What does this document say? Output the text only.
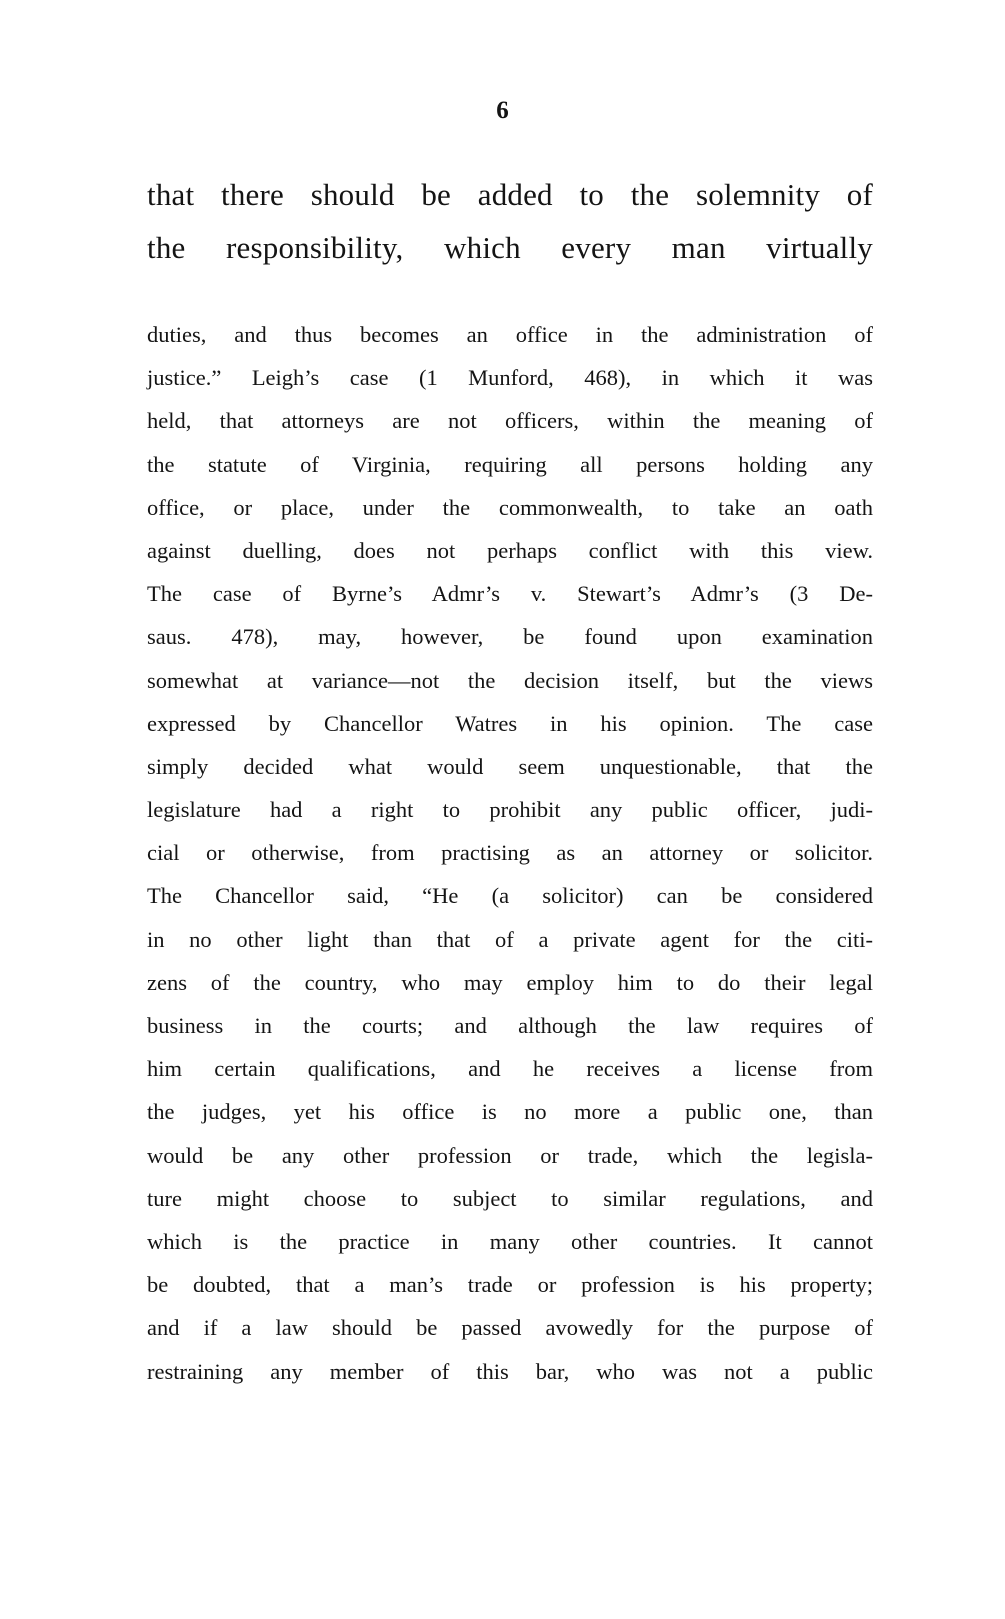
6
that there should be added to the solemnity of
the responsibility, which every man virtually
duties, and thus becomes an office in the administration of
justice.” Leigh’s case (1 Munford, 468), in which it was
held, that attorneys are not officers, within the meaning of
the statute of Virginia, requiring all persons holding any
office, or place, under the commonwealth, to take an oath
against duelling, does not perhaps conflict with this view.
The case of Byrne’s Admr’s v. Stewart’s Admr’s (3 De-
saus. 478), may, however, be found upon examination
somewhat at variance—not the decision itself, but the views
expressed by Chancellor Watres in his opinion. The case
simply decided what would seem unquestionable, that the
legislature had a right to prohibit any public officer, judi-
cial or otherwise, from practising as an attorney or solicitor.
The Chancellor said, “He (a solicitor) can be considered
in no other light than that of a private agent for the citi-
zens of the country, who may employ him to do their legal
business in the courts; and although the law requires of
him certain qualifications, and he receives a license from
the judges, yet his office is no more a public one, than
would be any other profession or trade, which the legisla-
ture might choose to subject to similar regulations, and
which is the practice in many other countries. It cannot
be doubted, that a man’s trade or profession is his property;
and if a law should be passed avowedly for the purpose of
restraining any member of this bar, who was not a public
